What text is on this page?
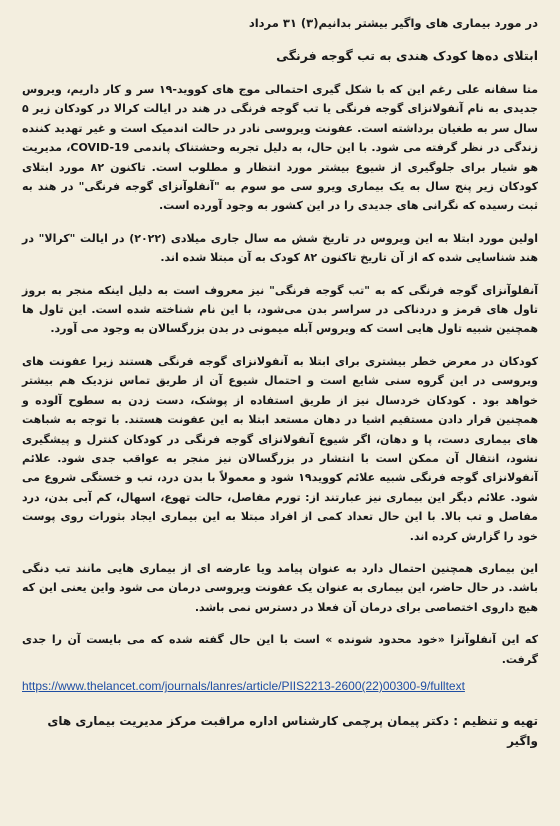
در مورد بیماری های واگیر بیشتر بدانیم(۳) ۳۱ مرداد
ابتلای ده‌ها کودک هندی به تب گوجه فرنگی

متا سفانه علی رغم این که با شکل گیری احتمالی موج های کووید-۱۹ سر و کار داریم، ویروس جدیدی به نام آنفولانزای گوجه فرنگی یا تب گوجه فرنگی در هند در ایالت کرالا در کودکان زیر ۵ سال سر به طغیان برداشته است. عفونت ویروسی نادر در حالت اندمیک است و غیر تهدید کننده زندگی در نظر گرفته می شود. با این حال، به دلیل تجربه وحشتناک پاندمی COVID-19، مدیریت هو شیار برای جلوگیری از شیوع بیشتر مورد انتظار و مطلوب است. تاکنون ۸۲ مورد ابتلای کودکان زیر پنج سال به یک بیماری ویرو سی مو سوم به "آنفلوآنزای گوجه فرنگی" در هند به ثبت رسیده که نگرانی های جدیدی را در این کشور به وجود آورده است.

اولین مورد ابتلا به این ویروس در تاریخ شش مه سال جاری میلادی (۲۰۲۲) در ایالت "کرالا" در هند شناسایی شده که از آن تاریخ تاکنون ۸۲ کودک به آن مبتلا شده اند.

آنفلوآنزای گوجه فرنگی که به "تب گوجه فرنگی" نیز معروف است به دلیل اینکه منجر به بروز تاول های قرمز و دردناکی در سراسر بدن می‌شود، با این نام شناخته شده است. این تاول ها همچنین شبیه تاول هایی است که ویروس آبله میمونی در بدن بزرگسالان به وجود می آورد.

کودکان در معرض خطر بیشتری برای ابتلا به آنفولانزای گوجه فرنگی هستند زیرا عفونت های ویروسی در این گروه سنی شایع است و احتمال شیوع آن از طریق تماس نزدیک هم بیشتر خواهد بود . کودکان خردسال نیز از طریق استفاده از پوشک، دست زدن به سطوح آلوده و همچنین قرار دادن مستقیم اشیا در دهان مستعد ابتلا به این عفونت هستند. با توجه به شباهت های بیماری دست، پا و دهان، اگر شیوع آنفولانزای گوجه فرنگی در کودکان کنترل و پیشگیری نشود، انتقال آن ممکن است با انتشار در بزرگسالان نیز منجر به عواقب جدی شود. علائم آنفولانزای گوجه فرنگی شبیه علائم کووید۱۹ شود و معمولاً با بدن درد، تب و خستگی شروع می شود. علائم دیگر این بیماری نیز عبارتند از: تورم مفاصل، حالت تهوع، اسهال، کم آبی بدن، درد مفاصل و تب بالا. با این حال تعداد کمی از افراد مبتلا به این بیماری ایجاد بثورات روی پوست خود را گزارش کرده اند.

این بیماری همچنین احتمال دارد به عنوان پیامد ویا عارضه ای از بیماری هایی مانند تب دنگی باشد. در حال حاضر، این بیماری به عنوان یک عفونت ویروسی درمان می شود واین یعنی این که هیچ داروی اختصاصی برای درمان آن فعلا در دسترس نمی باشد.

که این آنفلوآنزا «خود محدود شونده » است با این حال گفته شده که می بایست آن را جدی گرفت.

https://www.thelancet.com/journals/lanres/article/PIIS2213-2600(22)00300-9/fulltext
تهیه و تنظیم : دکتر پیمان پرچمی کارشناس اداره مراقبت مرکز مدیریت بیماری های واگیر
